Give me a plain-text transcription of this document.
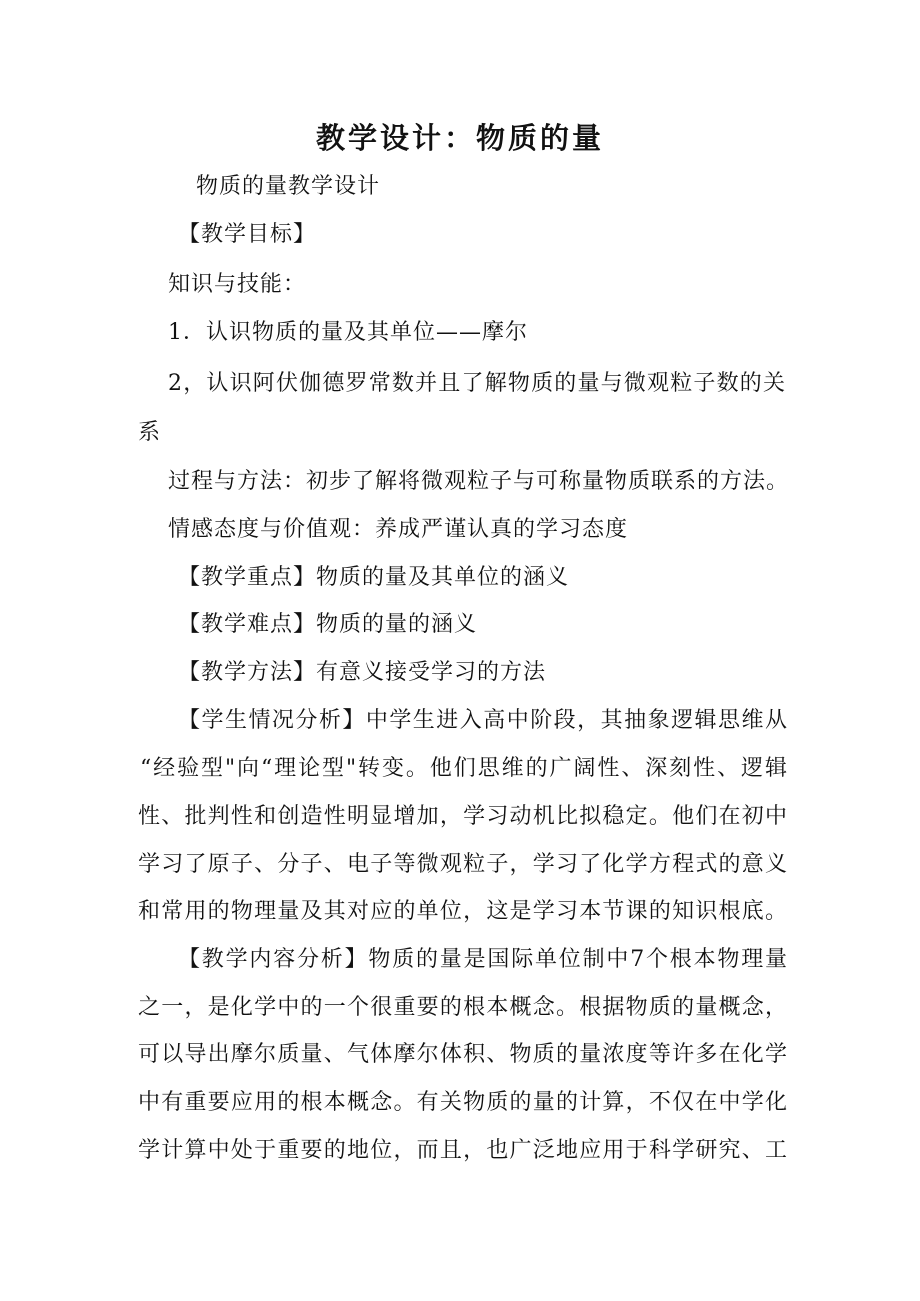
教学设计：物质的量
物质的量教学设计
【教学目标】
知识与技能：
1．认识物质的量及其单位——摩尔
2，认识阿伏伽德罗常数并且了解物质的量与微观粒子数的关
系
过程与方法：初步了解将微观粒子与可称量物质联系的方法。
情感态度与价值观：养成严谨认真的学习态度
【教学重点】物质的量及其单位的涵义
【教学难点】物质的量的涵义
【教学方法】有意义接受学习的方法
【学生情况分析】中学生进入高中阶段，其抽象逻辑思维从
“经验型"向“理论型"转变。他们思维的广阔性、深刻性、逻辑
性、批判性和创造性明显增加，学习动机比拟稳定。他们在初中
学习了原子、分子、电子等微观粒子，学习了化学方程式的意义
和常用的物理量及其对应的单位，这是学习本节课的知识根底。
【教学内容分析】物质的量是国际单位制中7个根本物理量
之一，是化学中的一个很重要的根本概念。根据物质的量概念，
可以导出摩尔质量、气体摩尔体积、物质的量浓度等许多在化学
中有重要应用的根本概念。有关物质的量的计算，不仅在中学化
学计算中处于重要的地位，而且，也广泛地应用于科学研究、工
